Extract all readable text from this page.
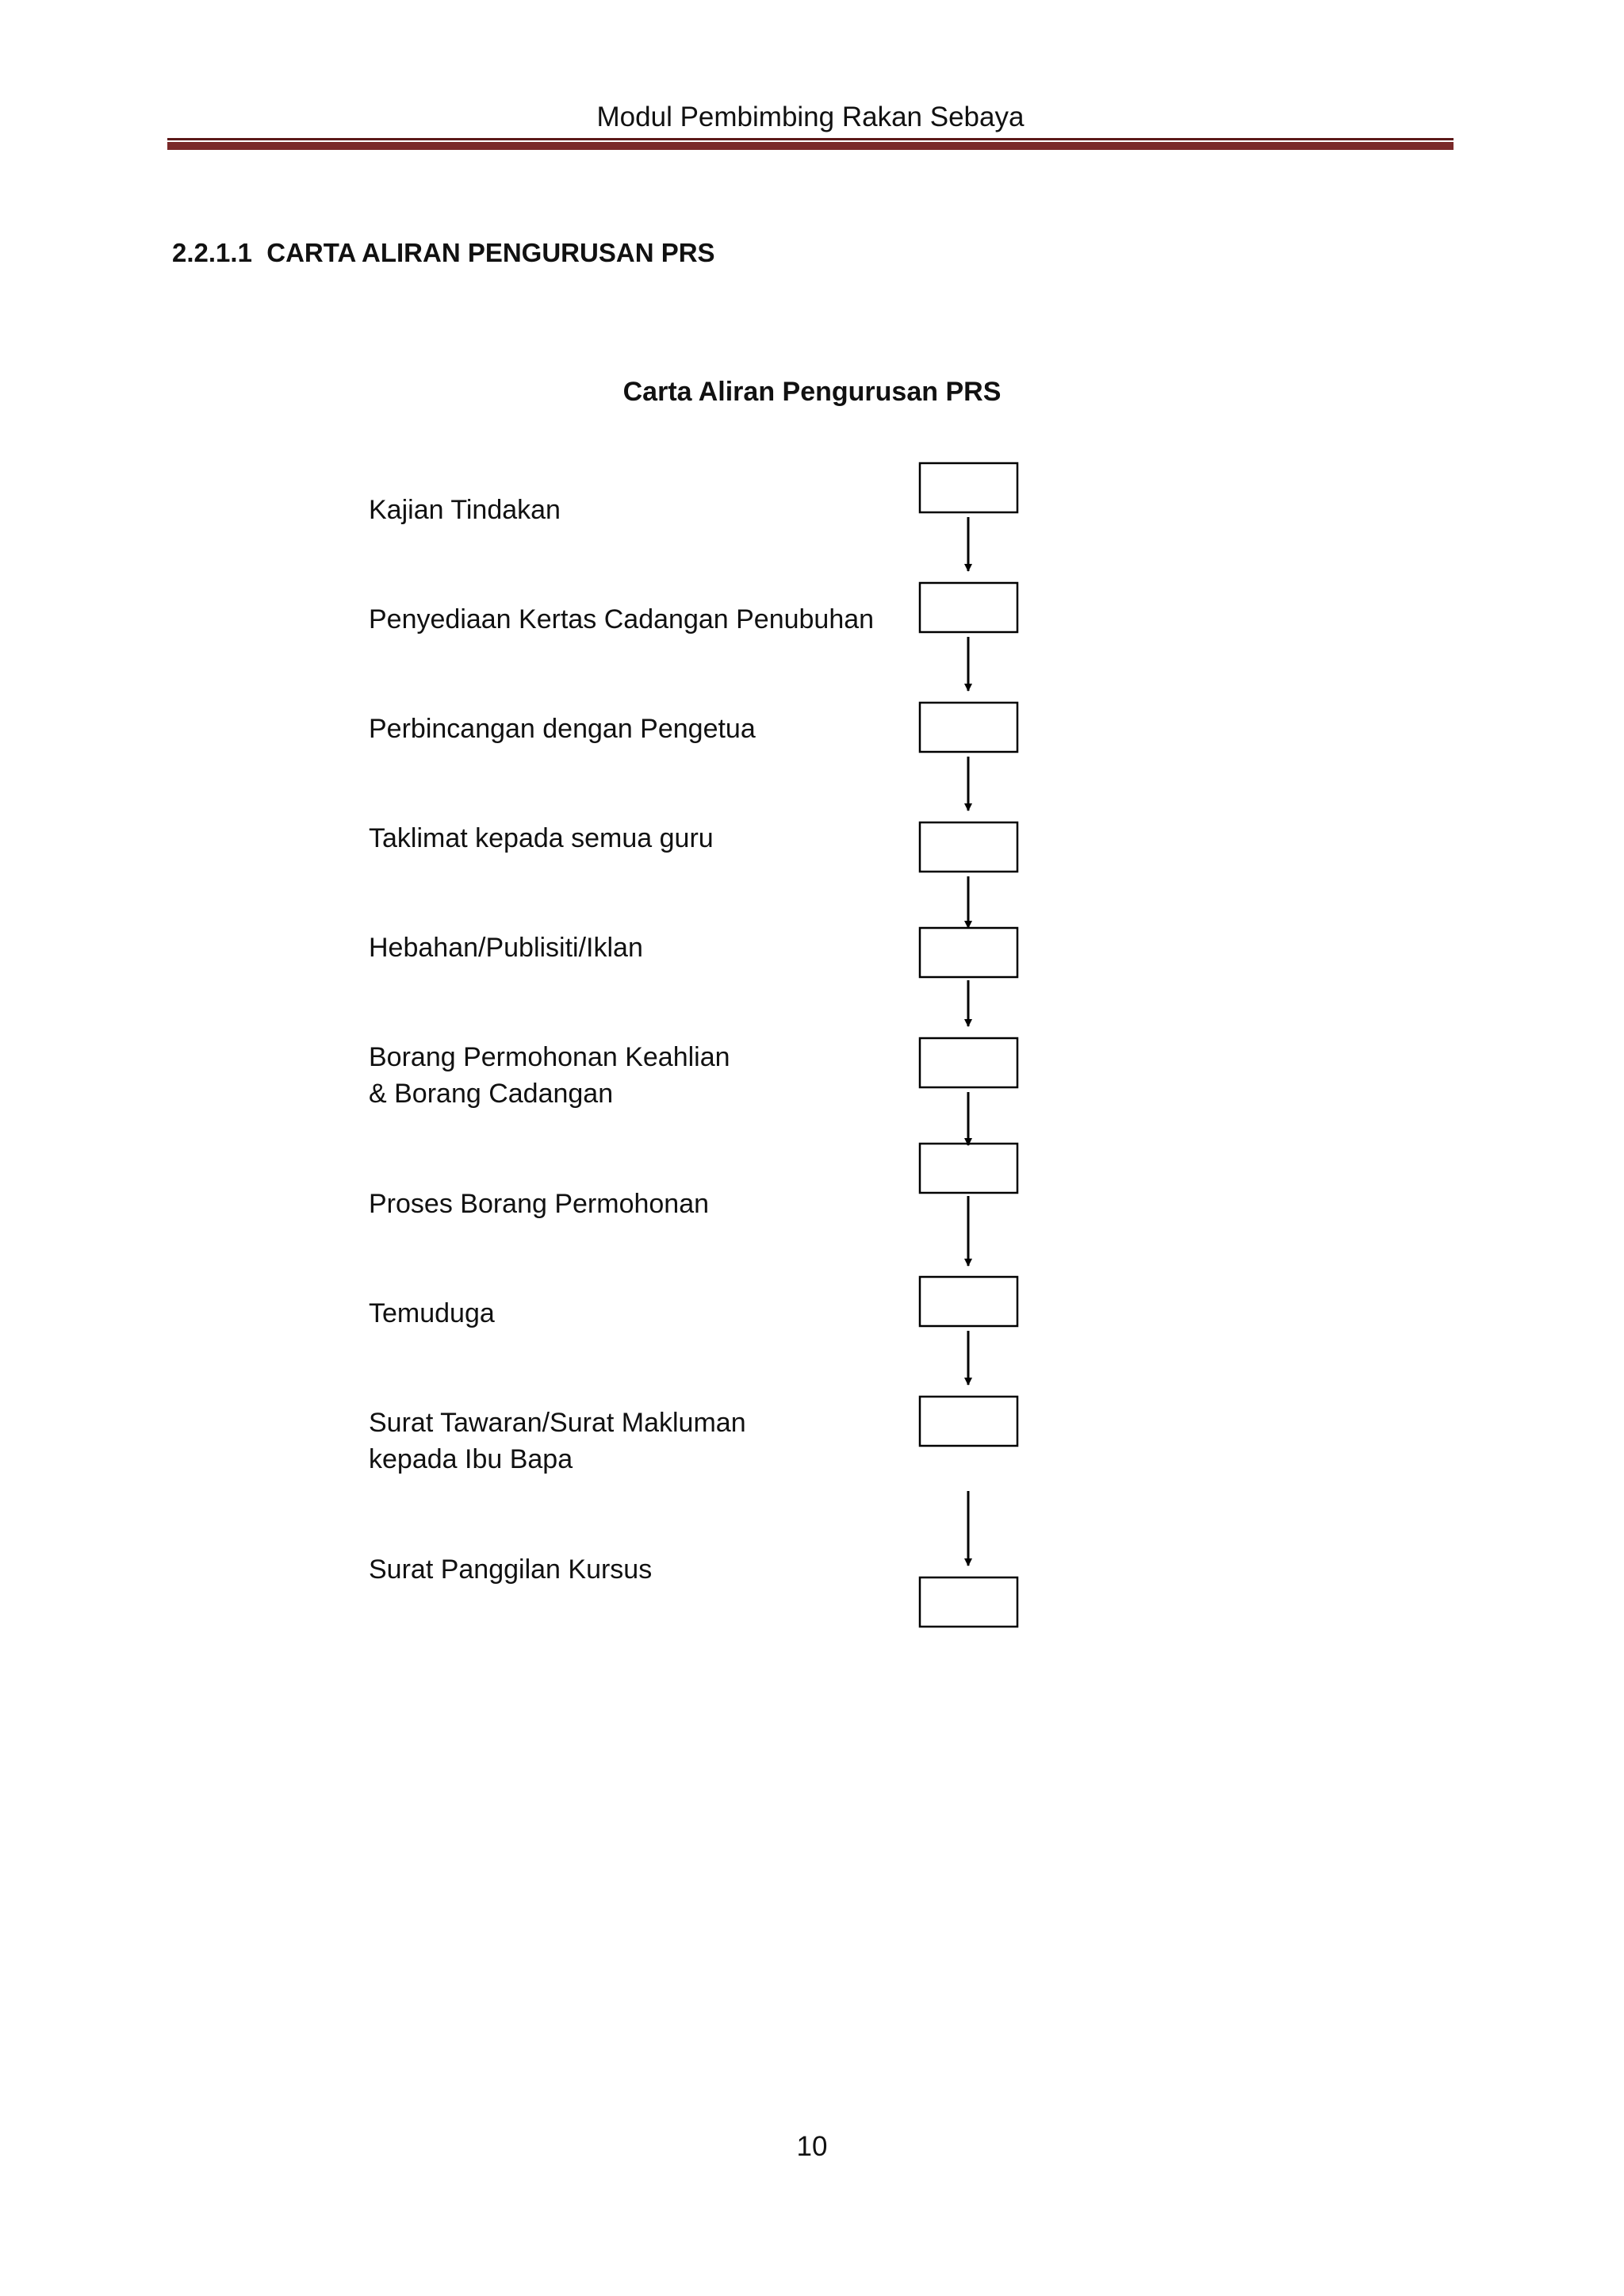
Modul Pembimbing Rakan Sebaya
2.2.1.1  CARTA ALIRAN PENGURUSAN PRS
Carta Aliran Pengurusan PRS
Kajian Tindakan
Penyediaan Kertas Cadangan Penubuhan
Perbincangan dengan Pengetua
Taklimat kepada semua guru
Hebahan/Publisiti/Iklan
Borang Permohonan Keahlian
& Borang Cadangan
Proses Borang Permohonan
Temuduga
Surat Tawaran/Surat Makluman
kepada Ibu Bapa
Surat Panggilan Kursus
10
